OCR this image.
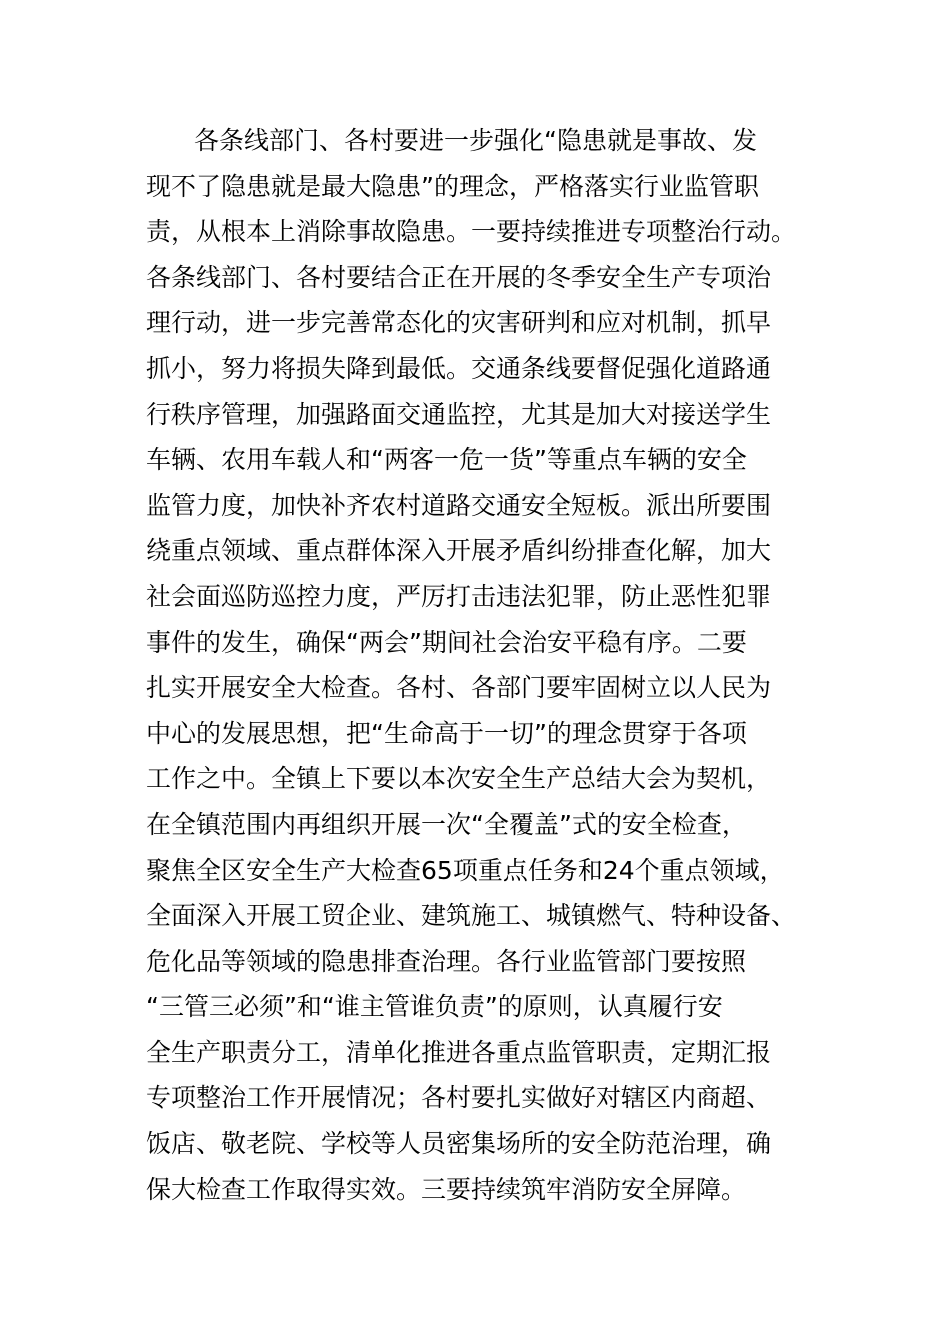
各条线部门、各村要进一步强化“隐患就是事故、发
现不了隐患就是最大隐患”的理念，严格落实行业监管职
责，从根本上消除事故隐患。一要持续推进专项整治行动。
各条线部门、各村要结合正在开展的冬季安全生产专项治
理行动，进一步完善常态化的灾害研判和应对机制，抓早
抓小，努力将损失降到最低。交通条线要督促强化道路通
行秩序管理，加强路面交通监控，尤其是加大对接送学生
车辆、农用车载人和“两客一危一货”等重点车辆的安全
监管力度，加快补齐农村道路交通安全短板。派出所要围
绕重点领域、重点群体深入开展矛盾纠纷排查化解，加大
社会面巡防巡控力度，严厉打击违法犯罪，防止恶性犯罪
事件的发生，确保“两会”期间社会治安平稳有序。二要
扎实开展安全大检查。各村、各部门要牢固树立以人民为
中心的发展思想，把“生命高于一切”的理念贯穿于各项
工作之中。全镇上下要以本次安全生产总结大会为契机，
在全镇范围内再组织开展一次“全覆盖”式的安全检查，
聚焦全区安全生产大检查65项重点任务和24个重点领域，
全面深入开展工贸企业、建筑施工、城镇燃气、特种设备、
危化品等领域的隐患排查治理。各行业监管部门要按照
“三管三必须”和“谁主管谁负责”的原则，认真履行安
全生产职责分工，清单化推进各重点监管职责，定期汇报
专项整治工作开展情况；各村要扎实做好对辖区内商超、
饭店、敬老院、学校等人员密集场所的安全防范治理，确
保大检查工作取得实效。三要持续筑牢消防安全屏障。
